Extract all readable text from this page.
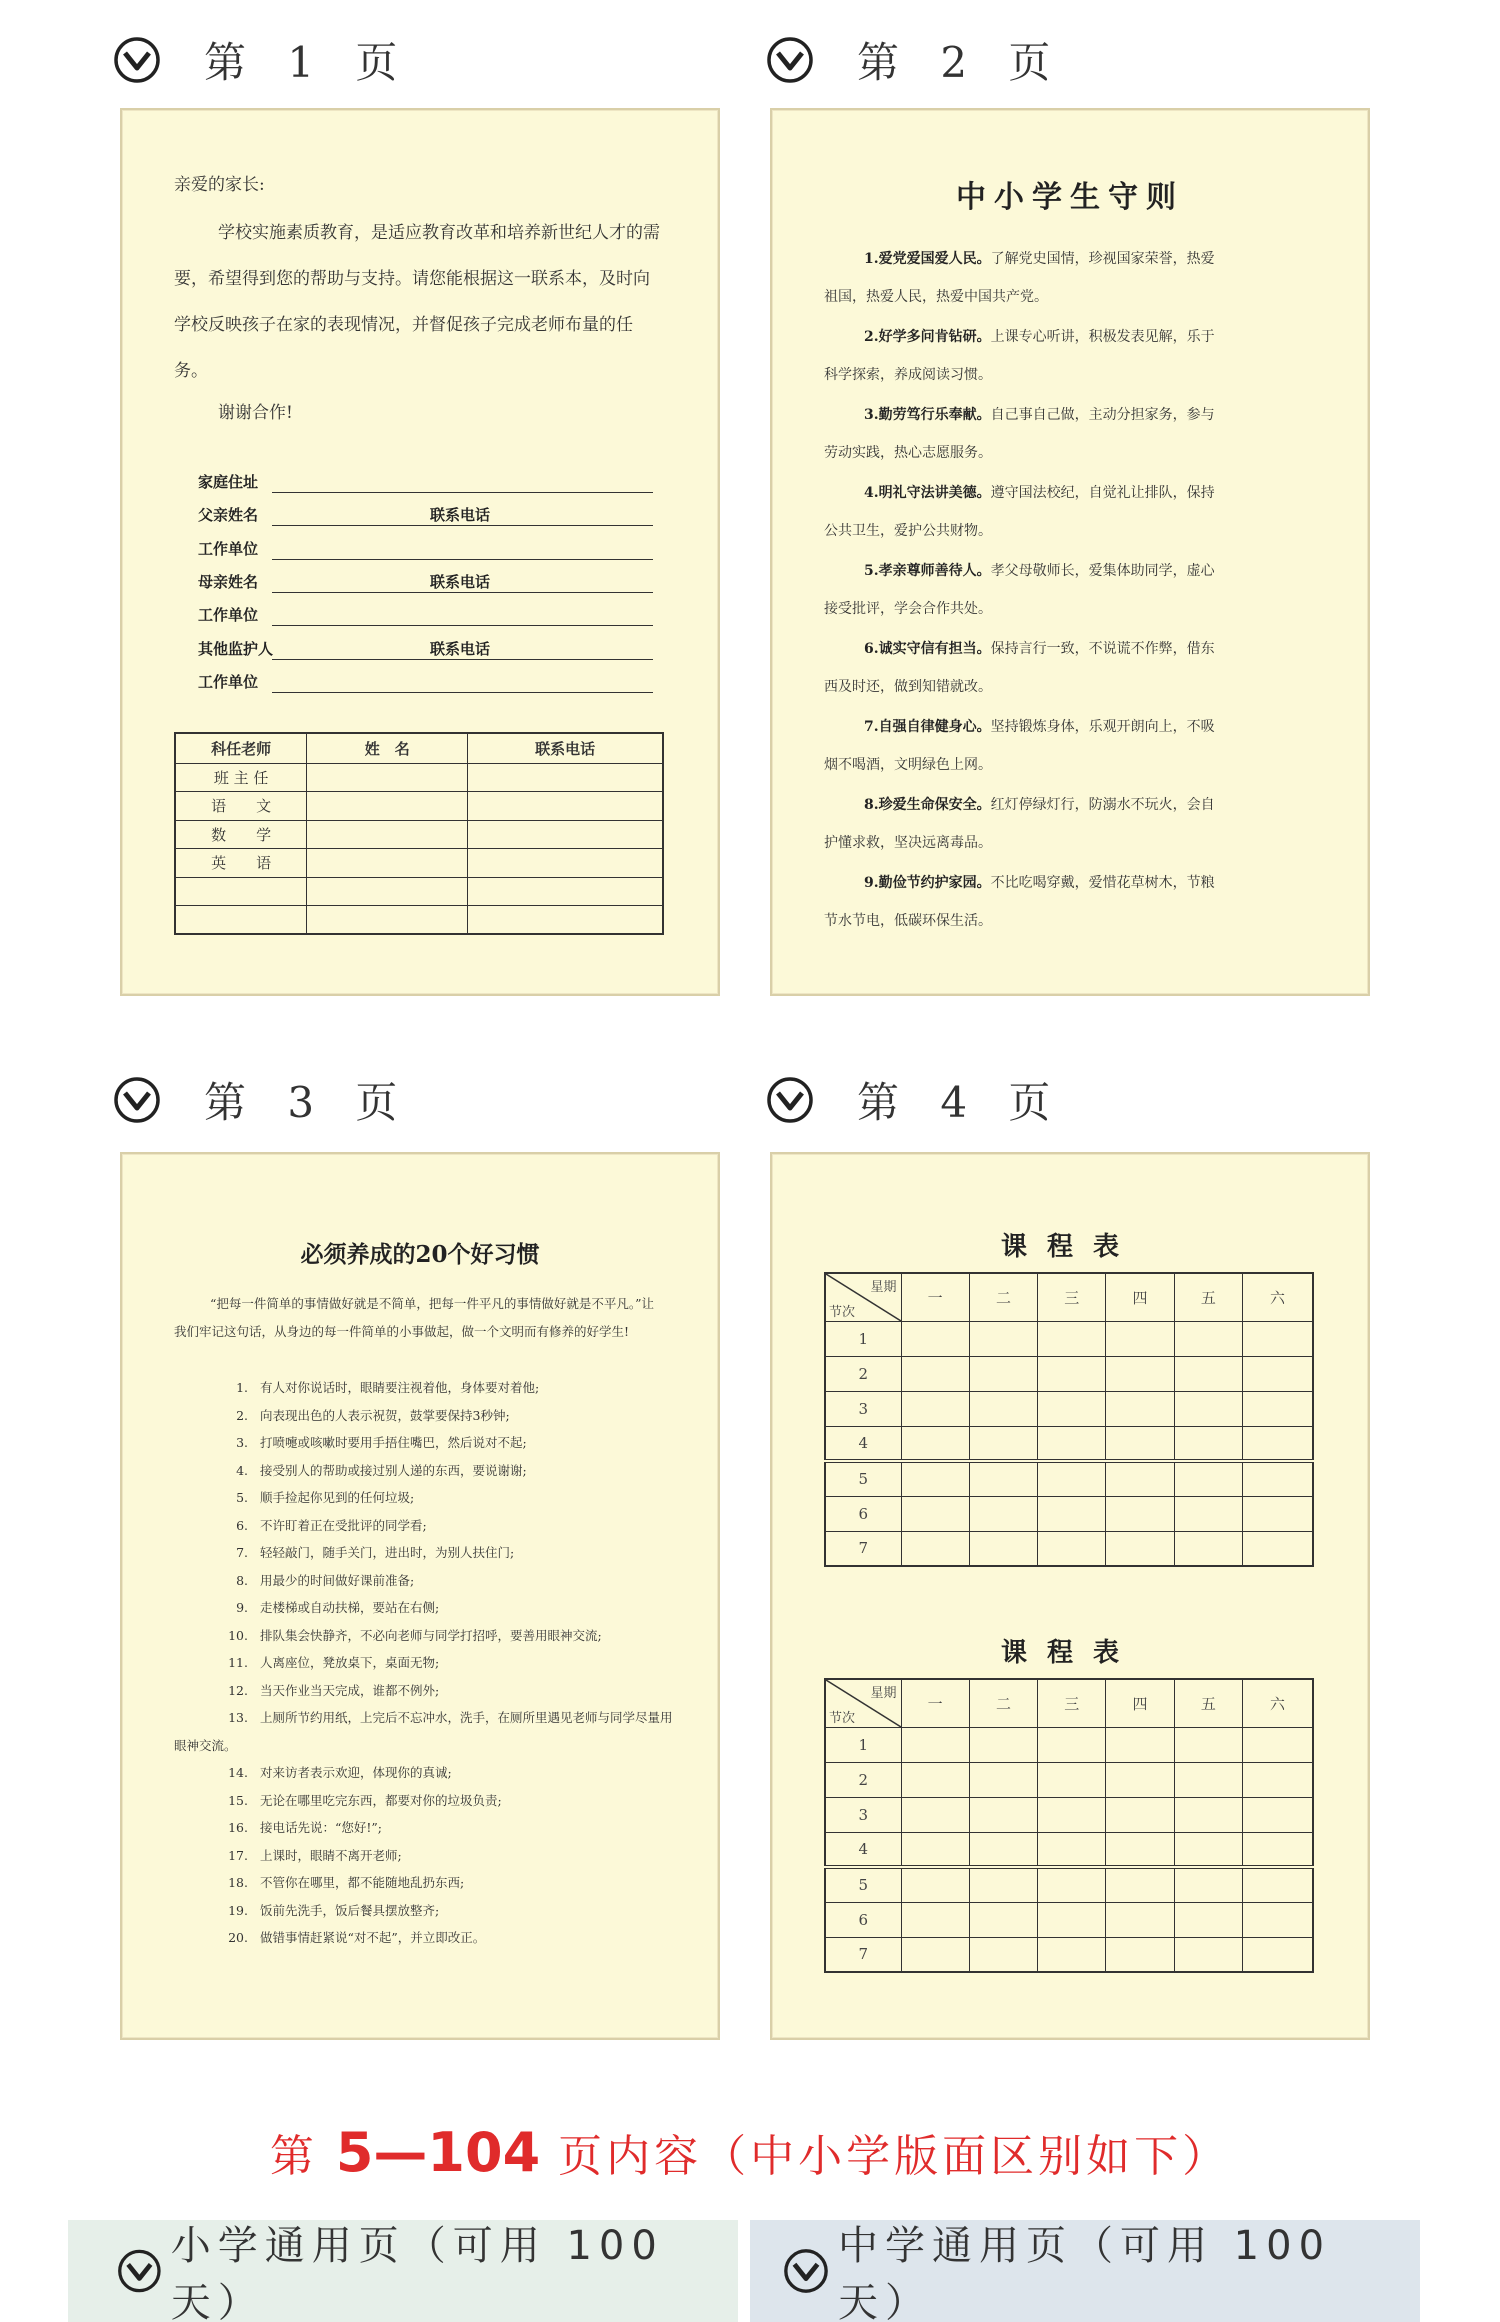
第 1 页	第 2 页
第 3 页	第 4 页
亲爱的家长:
学校实施素质教育，是适应教育改革和培养新世纪人才的需要，希望得到您的帮助与支持。请您能根据这一联系本，及时向学校反映孩子在家的表现情况，并督促孩子完成老师布量的任务。
谢谢合作!
家庭住址
父亲姓名	联系电话
工作单位
母亲姓名	联系电话
工作单位
其他监护人	联系电话
工作单位
科任老师	姓　名	联系电话
班 主 任		
语　　文		
数　　学		
英　　语		

中小学生守则
1.爱党爱国爱人民。了解党史国情，珍视国家荣誉，热爱
祖国，热爱人民，热爱中国共产党。
2.好学多问肯钻研。上课专心听讲，积极发表见解，乐于
科学探索，养成阅读习惯。
3.勤劳笃行乐奉献。自己事自己做，主动分担家务，参与
劳动实践，热心志愿服务。
4.明礼守法讲美德。遵守国法校纪，自觉礼让排队，保持
公共卫生，爱护公共财物。
5.孝亲尊师善待人。孝父母敬师长，爱集体助同学，虚心
接受批评，学会合作共处。
6.诚实守信有担当。保持言行一致，不说谎不作弊，借东
西及时还，做到知错就改。
7.自强自律健身心。坚持锻炼身体，乐观开朗向上，不吸
烟不喝酒，文明绿色上网。
8.珍爱生命保安全。红灯停绿灯行，防溺水不玩火，会自
护懂求救，坚决远离毒品。
9.勤俭节约护家园。不比吃喝穿戴，爱惜花草树木，节粮
节水节电，低碳环保生活。
必须养成的20个好习惯
“把每一件简单的事情做好就是不简单，把每一件平凡的事情做好就是不平凡。”让我们牢记这句话，从身边的每一件简单的小事做起，做一个文明而有修养的好学生!
1. 有人对你说话时，眼睛要注视着他，身体要对着他;
2. 向表现出色的人表示祝贺，鼓掌要保持3秒钟;
3. 打喷嚏或咳嗽时要用手捂住嘴巴，然后说对不起;
4. 接受别人的帮助或接过别人递的东西，要说谢谢;
5. 顺手捡起你见到的任何垃圾;
6. 不许盯着正在受批评的同学看;
7. 轻轻敲门，随手关门，进出时，为别人扶住门;
8. 用最少的时间做好课前准备;
9. 走楼梯或自动扶梯，要站在右侧;
10. 排队集会快静齐，不必向老师与同学打招呼，要善用眼神交流;
11. 人离座位，凳放桌下，桌面无物;
12. 当天作业当天完成，谁都不例外;
13. 上厕所节约用纸，上完后不忘冲水，洗手，在厕所里遇见老师与同学尽量用眼神交流。
14. 对来访者表示欢迎，体现你的真诚;
15. 无论在哪里吃完东西，都要对你的垃圾负责;
16. 接电话先说：“您好!”;
17. 上课时，眼睛不离开老师;
18. 不管你在哪里，都不能随地乱扔东西;
19. 饭前先洗手，饭后餐具摆放整齐;
20. 做错事情赶紧说“对不起”，并立即改正。
课程表
星期
节次	一	二	三	四	五	六
1						
2						
3						
4						
5						
6						
7						
课程表
星期
节次	一	二	三	四	五	六
1						
2						
3						
4						
5						
6						
7						
第 5—104 页内容（中小学版面区别如下）
小学通用页（可用 100 天）
中学通用页（可用 100 天）
